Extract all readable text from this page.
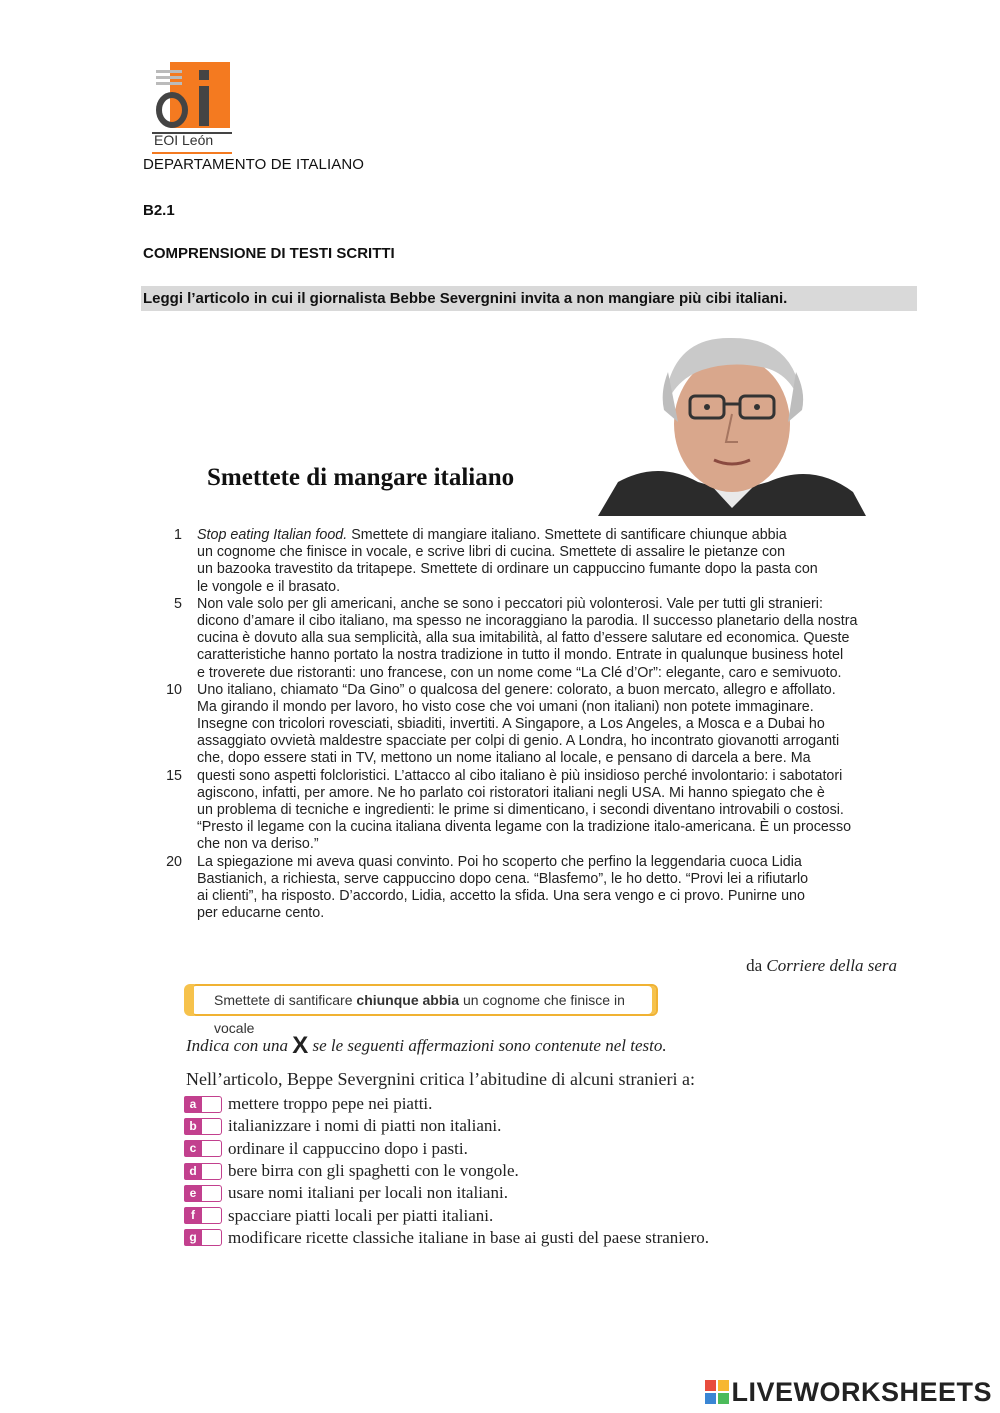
EOI León
DEPARTAMENTO DE ITALIANO
B2.1
COMPRENSIONE DI TESTI SCRITTI
Leggi l’articolo in cui il giornalista Bebbe Severgnini invita a non mangiare più cibi italiani.
Smettete di mangare italiano
1 Stop eating Italian food. Smettete di mangiare italiano. Smettete di santificare chiunque abbia
un cognome che finisce in vocale, e scrive libri di cucina. Smettete di assalire le pietanze con
un bazooka travestito da tritapepe. Smettete di ordinare un cappuccino fumante dopo la pasta con
le vongole e il brasato.
5 Non vale solo per gli americani, anche se sono i peccatori più volonterosi. Vale per tutti gli stranieri:
dicono d’amare il cibo italiano, ma spesso ne incoraggiano la parodia. Il successo planetario della nostra
cucina è dovuto alla sua semplicità, alla sua imitabilità, al fatto d’essere salutare ed economica. Queste
caratteristiche hanno portato la nostra tradizione in tutto il mondo. Entrate in qualunque business hotel
e troverete due ristoranti: uno francese, con un nome come “La Clé d’Or”: elegante, caro e semivuoto.
10 Uno italiano, chiamato “Da Gino” o qualcosa del genere: colorato, a buon mercato, allegro e affollato.
Ma girando il mondo per lavoro, ho visto cose che voi umani (non italiani) non potete immaginare.
Insegne con tricolori rovesciati, sbiaditi, invertiti. A Singapore, a Los Angeles, a Mosca e a Dubai ho
assaggiato ovvietà maldestre spacciate per colpi di genio. A Londra, ho incontrato giovanotti arroganti
che, dopo essere stati in TV, mettono un nome italiano al locale, e pensano di darcela a bere. Ma
15 questi sono aspetti folcloristici. L’attacco al cibo italiano è più insidioso perché involontario: i sabotatori
agiscono, infatti, per amore. Ne ho parlato coi ristoratori italiani negli USA. Mi hanno spiegato che è
un problema di tecniche e ingredienti: le prime si dimenticano, i secondi diventano introvabili o costosi.
“Presto il legame con la cucina italiana diventa legame con la tradizione italo-americana. È un processo
che non va deriso.”
20 La spiegazione mi aveva quasi convinto. Poi ho scoperto che perfino la leggendaria cuoca Lidia
Bastianich, a richiesta, serve cappuccino dopo cena. “Blasfemo”, le ho detto. “Provi lei a rifiutarlo
ai clienti”, ha risposto. D’accordo, Lidia, accetto la sfida. Una sera vengo e ci provo. Punirne uno
per educarne cento.
da Corriere della sera
Smettete di santificare chiunque abbia un cognome che finisce in vocale
Indica con una X se le seguenti affermazioni sono contenute nel testo.
Nell’articolo, Beppe Severgnini critica l’abitudine di alcuni stranieri a:
a	mettere troppo pepe nei piatti.
b	italianizzare i nomi di piatti non italiani.
c	ordinare il cappuccino dopo i pasti.
d	bere birra con gli spaghetti con le vongole.
e	usare nomi italiani per locali non italiani.
f	spacciare piatti locali per piatti italiani.
g	modificare ricette classiche italiane in base ai gusti del paese straniero.
LIVEWORKSHEETS
